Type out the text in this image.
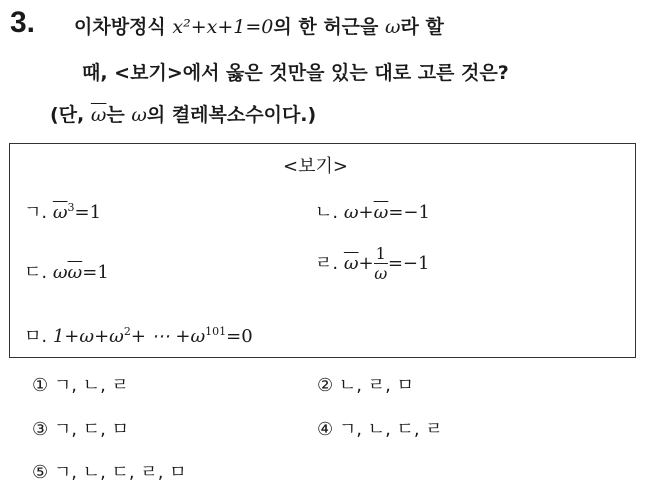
3. 이차방정식 x²+x+1=0의 한 허근을 ω라 할
때, <보기>에서 옳은 것만을 있는 대로 고른 것은?
(단, $\overline{\omega}$는 ω의 켤레복소수이다.)
<보기>
ㄱ. $\overline{\omega}^3=1$	ㄴ. $\omega+\overline{\omega}=-1$
ㄷ. $\omega\overline{\omega}=1$	ㄹ. $\overline{\omega}+ \frac{1}{\omega} =-1$
ㅁ. $1+\omega+\omega^2+$ ⋯ $+\omega^{101}=0$
① ㄱ, ㄴ, ㄹ	② ㄴ, ㄹ, ㅁ
③ ㄱ, ㄷ, ㅁ	④ ㄱ, ㄴ, ㄷ, ㄹ
⑤ ㄱ, ㄴ, ㄷ, ㄹ, ㅁ
